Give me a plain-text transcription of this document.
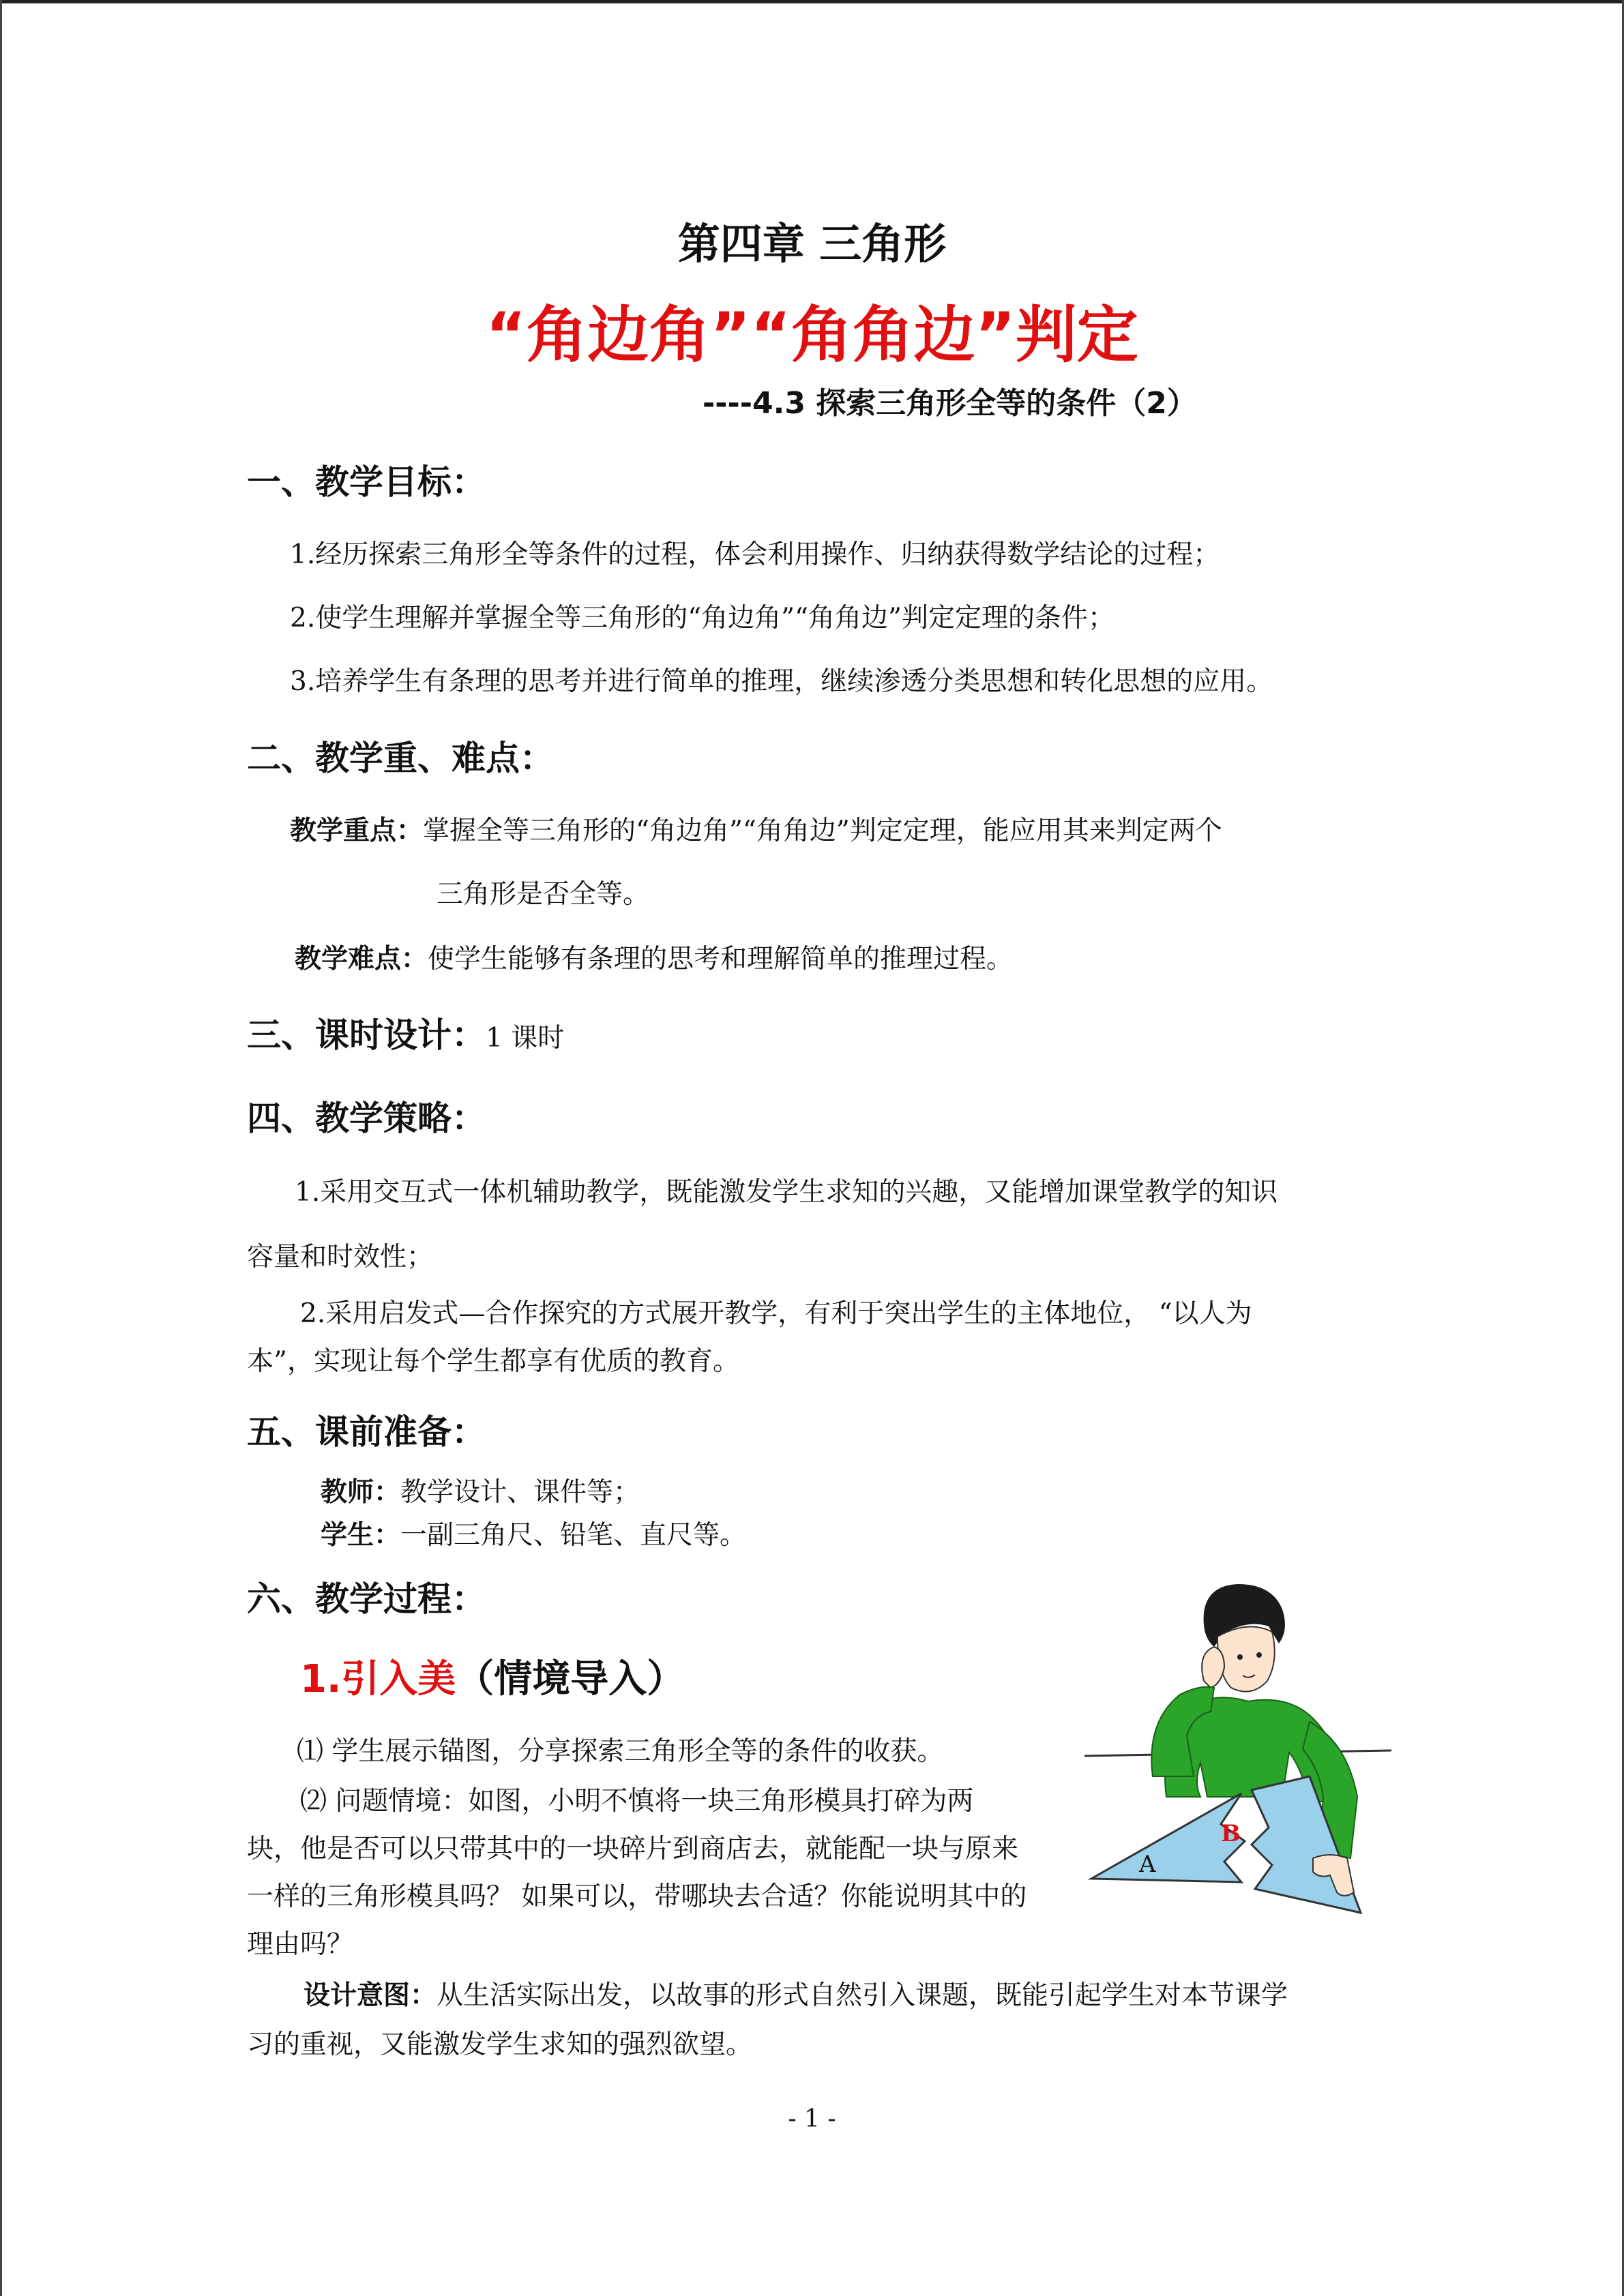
第四章 三角形
“角边角”“角角边”判定
----4.3 探索三角形全等的条件（2）
一、教学目标：
1.经历探索三角形全等条件的过程，体会利用操作、归纳获得数学结论的过程；
2.使学生理解并掌握全等三角形的“角边角”“角角边”判定定理的条件；
3.培养学生有条理的思考并进行简单的推理，继续渗透分类思想和转化思想的应用。
二、教学重、难点：
教学重点：掌握全等三角形的“角边角”“角角边”判定定理，能应用其来判定两个
三角形是否全等。
教学难点：使学生能够有条理的思考和理解简单的推理过程。
三、课时设计：1 课时
四、教学策略：
1.采用交互式一体机辅助教学，既能激发学生求知的兴趣，又能增加课堂教学的知识
容量和时效性；
2.采用启发式—合作探究的方式展开教学，有利于突出学生的主体地位， “以人为
本”，实现让每个学生都享有优质的教育。
五、课前准备：
教师：教学设计、课件等；
学生：一副三角尺、铅笔、直尺等。
六、教学过程：
1.引入美（情境导入）
⑴ 学生展示锚图，分享探索三角形全等的条件的收获。
⑵ 问题情境：如图，小明不慎将一块三角形模具打碎为两
块，他是否可以只带其中的一块碎片到商店去，就能配一块与原来
一样的三角形模具吗？ 如果可以，带哪块去合适？你能说明其中的
理由吗？
设计意图：从生活实际出发，以故事的形式自然引入课题，既能引起学生对本节课学
习的重视，又能激发学生求知的强烈欲望。
A
B
- 1 -
